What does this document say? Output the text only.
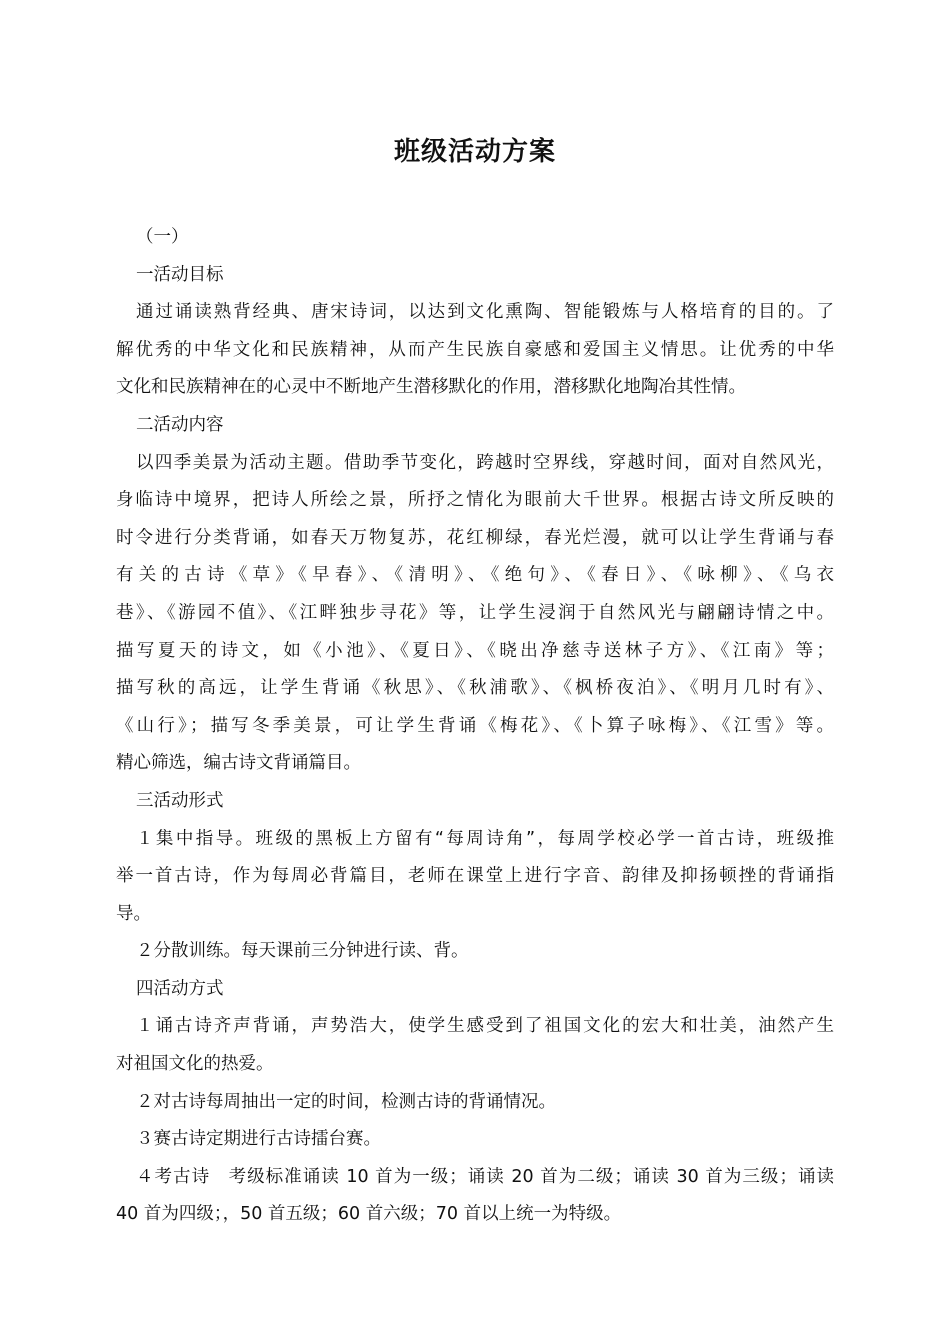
班级活动方案
（一）
一活动目标
通过诵读熟背经典、唐宋诗词，以达到文化熏陶、智能锻炼与人格培育的目的。了
解优秀的中华文化和民族精神，从而产生民族自豪感和爱国主义情思。让优秀的中华
文化和民族精神在的心灵中不断地产生潜移默化的作用，潜移默化地陶冶其性情。
二活动内容
以四季美景为活动主题。借助季节变化，跨越时空界线，穿越时间，面对自然风光，
身临诗中境界，把诗人所绘之景，所抒之情化为眼前大千世界。根据古诗文所反映的
时令进行分类背诵，如春天万物复苏，花红柳绿，春光烂漫，就可以让学生背诵与春
有关的古诗《草》《早春》、《清明》、《绝句》、《春日》、《咏柳》、《乌衣
巷》、《游园不值》、《江畔独步寻花》等，让学生浸润于自然风光与翩翩诗情之中。
描写夏天的诗文，如《小池》、《夏日》、《晓出净慈寺送林子方》、《江南》等；
描写秋的高远，让学生背诵《秋思》、《秋浦歌》、《枫桥夜泊》、《明月几时有》、
《山行》；描写冬季美景，可让学生背诵《梅花》、《卜算子咏梅》、《江雪》等。
精心筛选，编古诗文背诵篇目。
三活动形式
１集中指导。班级的黑板上方留有“每周诗角”，每周学校必学一首古诗，班级推
举一首古诗，作为每周必背篇目，老师在课堂上进行字音、韵律及抑扬顿挫的背诵指
导。
２分散训练。每天课前三分钟进行读、背。
四活动方式
１诵古诗齐声背诵，声势浩大，使学生感受到了祖国文化的宏大和壮美，油然产生
对祖国文化的热爱。
２对古诗每周抽出一定的时间，检测古诗的背诵情况。
３赛古诗定期进行古诗擂台赛。
４考古诗　考级标准诵读 10 首为一级；诵读 20 首为二级；诵读 30 首为三级；诵读
40 首为四级；，50 首五级；60 首六级；70 首以上统一为特级。
